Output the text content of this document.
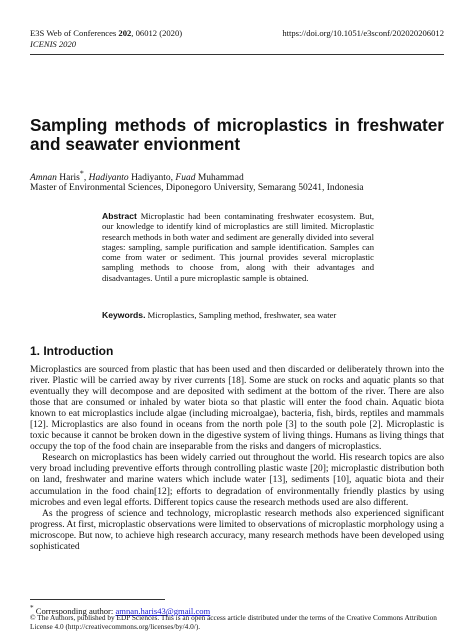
E3S Web of Conferences 202, 06012 (2020)
ICENIS 2020
https://doi.org/10.1051/e3sconf/202020206012
Sampling methods of microplastics in freshwater and seawater envionment
Amnan Haris*, Hadiyanto Hadiyanto, Fuad Muhammad
Master of Environmental Sciences, Diponegoro University, Semarang 50241, Indonesia
Abstract Microplastic had been contaminating freshwater ecosystem. But, our knowledge to identify kind of microplastics are still limited. Microplastic research methods in both water and sediment are generally divided into several stages: sampling, sample purification and sample identification. Samples can come from water or sediment. This journal provides several microplastic sampling methods to choose from, along with their advantages and disadvantages. Until a pure microplastic sample is obtained.
Keywords. Microplastics, Sampling method, freshwater, sea water
1. Introduction

Microplastics are sourced from plastic that has been used and then discarded or deliberately thrown into the river. Plastic will be carried away by river currents [18]. Some are stuck on rocks and aquatic plants so that eventually they will decompose and are deposited with sediment at the bottom of the river. There are also those that are consumed or inhaled by water biota so that plastic will enter the food chain. Aquatic biota known to eat microplastics include algae (including microalgae), bacteria, fish, birds, reptiles and mammals [12]. Microplastics are also found in oceans from the north pole [3] to the south pole [2]. Microplastic is toxic because it cannot be broken down in the digestive system of living things. Humans as living things that occupy the top of the food chain are inseparable from the risks and dangers of microplastics.

Research on microplastics has been widely carried out throughout the world. His research topics are also very broad including preventive efforts through controlling plastic waste [20]; microplastic distribution both on land, freshwater and marine waters which include water [13], sediments [10], aquatic biota and their accumulation in the food chain[12]; efforts to degradation of environmentally friendly plastics by using microbes and even legal efforts. Different topics cause the research methods used are also different.

As the progress of science and technology, microplastic research methods also experienced significant progress. At first, microplastic observations were limited to observations of microplastic morphology using a microscope. But now, to achieve high research accuracy, many research methods have been developed using sophisticated

* Corresponding author: amnan.haris43@gmail.com
© The Authors, published by EDP Sciences. This is an open access article distributed under the terms of the Creative Commons Attribution License 4.0 (http://creativecommons.org/licenses/by/4.0/).
